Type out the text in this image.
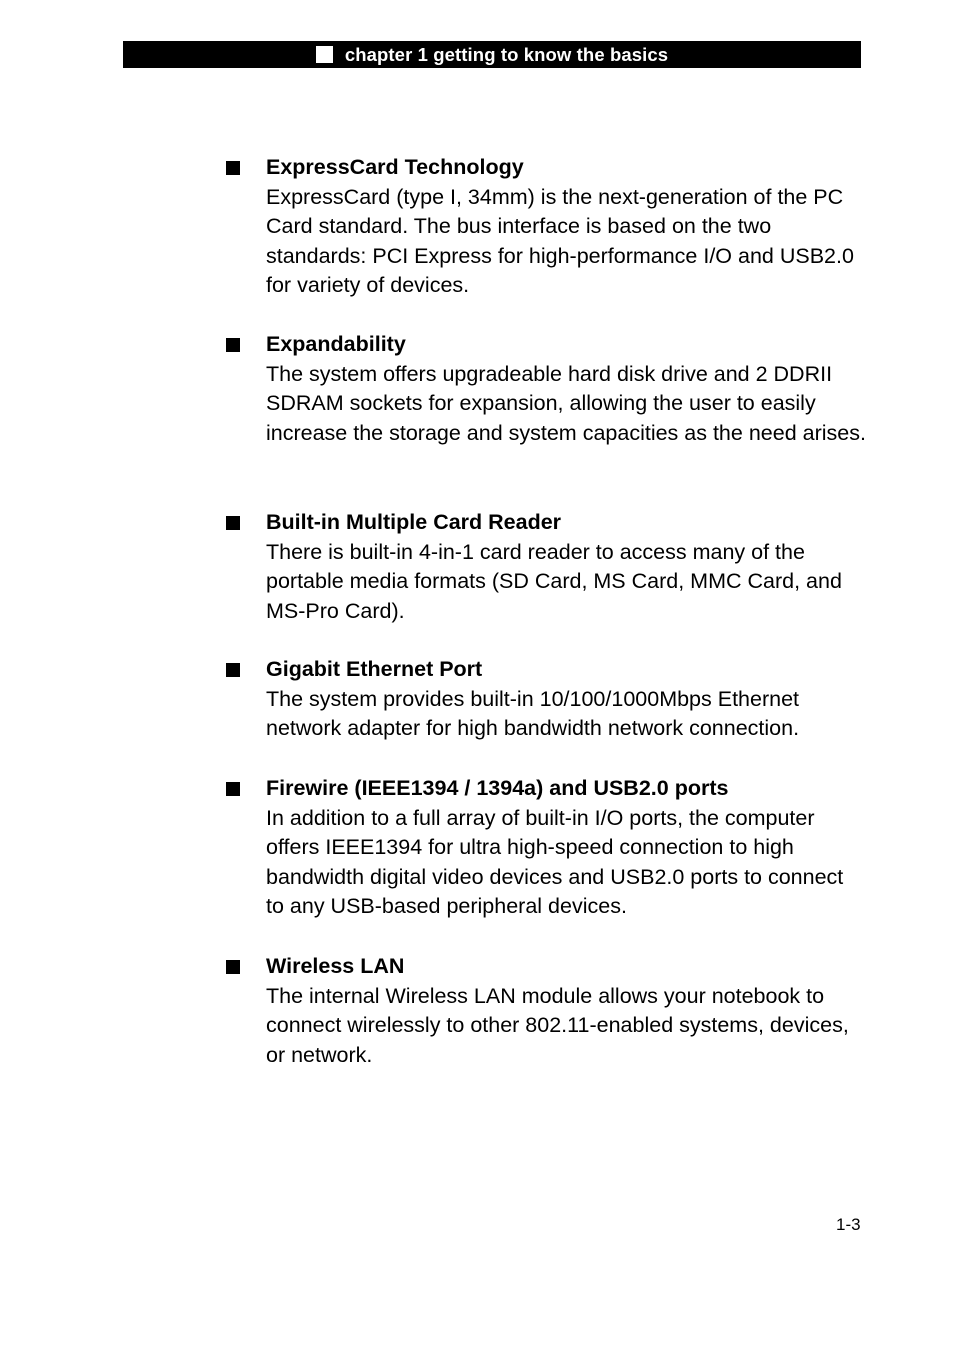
chapter 1 getting to know the basics
ExpressCard Technology
ExpressCard (type I, 34mm) is the next-generation of the PC Card standard. The bus interface is based on the two standards: PCI Express for high-performance I/O and USB2.0 for variety of devices.
Expandability
The system offers upgradeable hard disk drive and 2 DDRII SDRAM sockets for expansion, allowing the user to easily increase the storage and system capacities as the need arises.
Built-in Multiple Card Reader
There is built-in 4-in-1 card reader to access many of the portable media formats (SD Card, MS Card, MMC Card, and MS-Pro Card).
Gigabit Ethernet Port
The system provides built-in 10/100/1000Mbps Ethernet network adapter for high bandwidth network connection.
Firewire (IEEE1394 / 1394a) and USB2.0 ports
In addition to a full array of built-in I/O ports, the computer offers IEEE1394 for ultra high-speed connection to high bandwidth digital video devices and USB2.0 ports to connect to any USB-based peripheral devices.
Wireless LAN
The internal Wireless LAN module allows your notebook to connect wirelessly to other 802.11-enabled systems, devices, or network.
1-3
